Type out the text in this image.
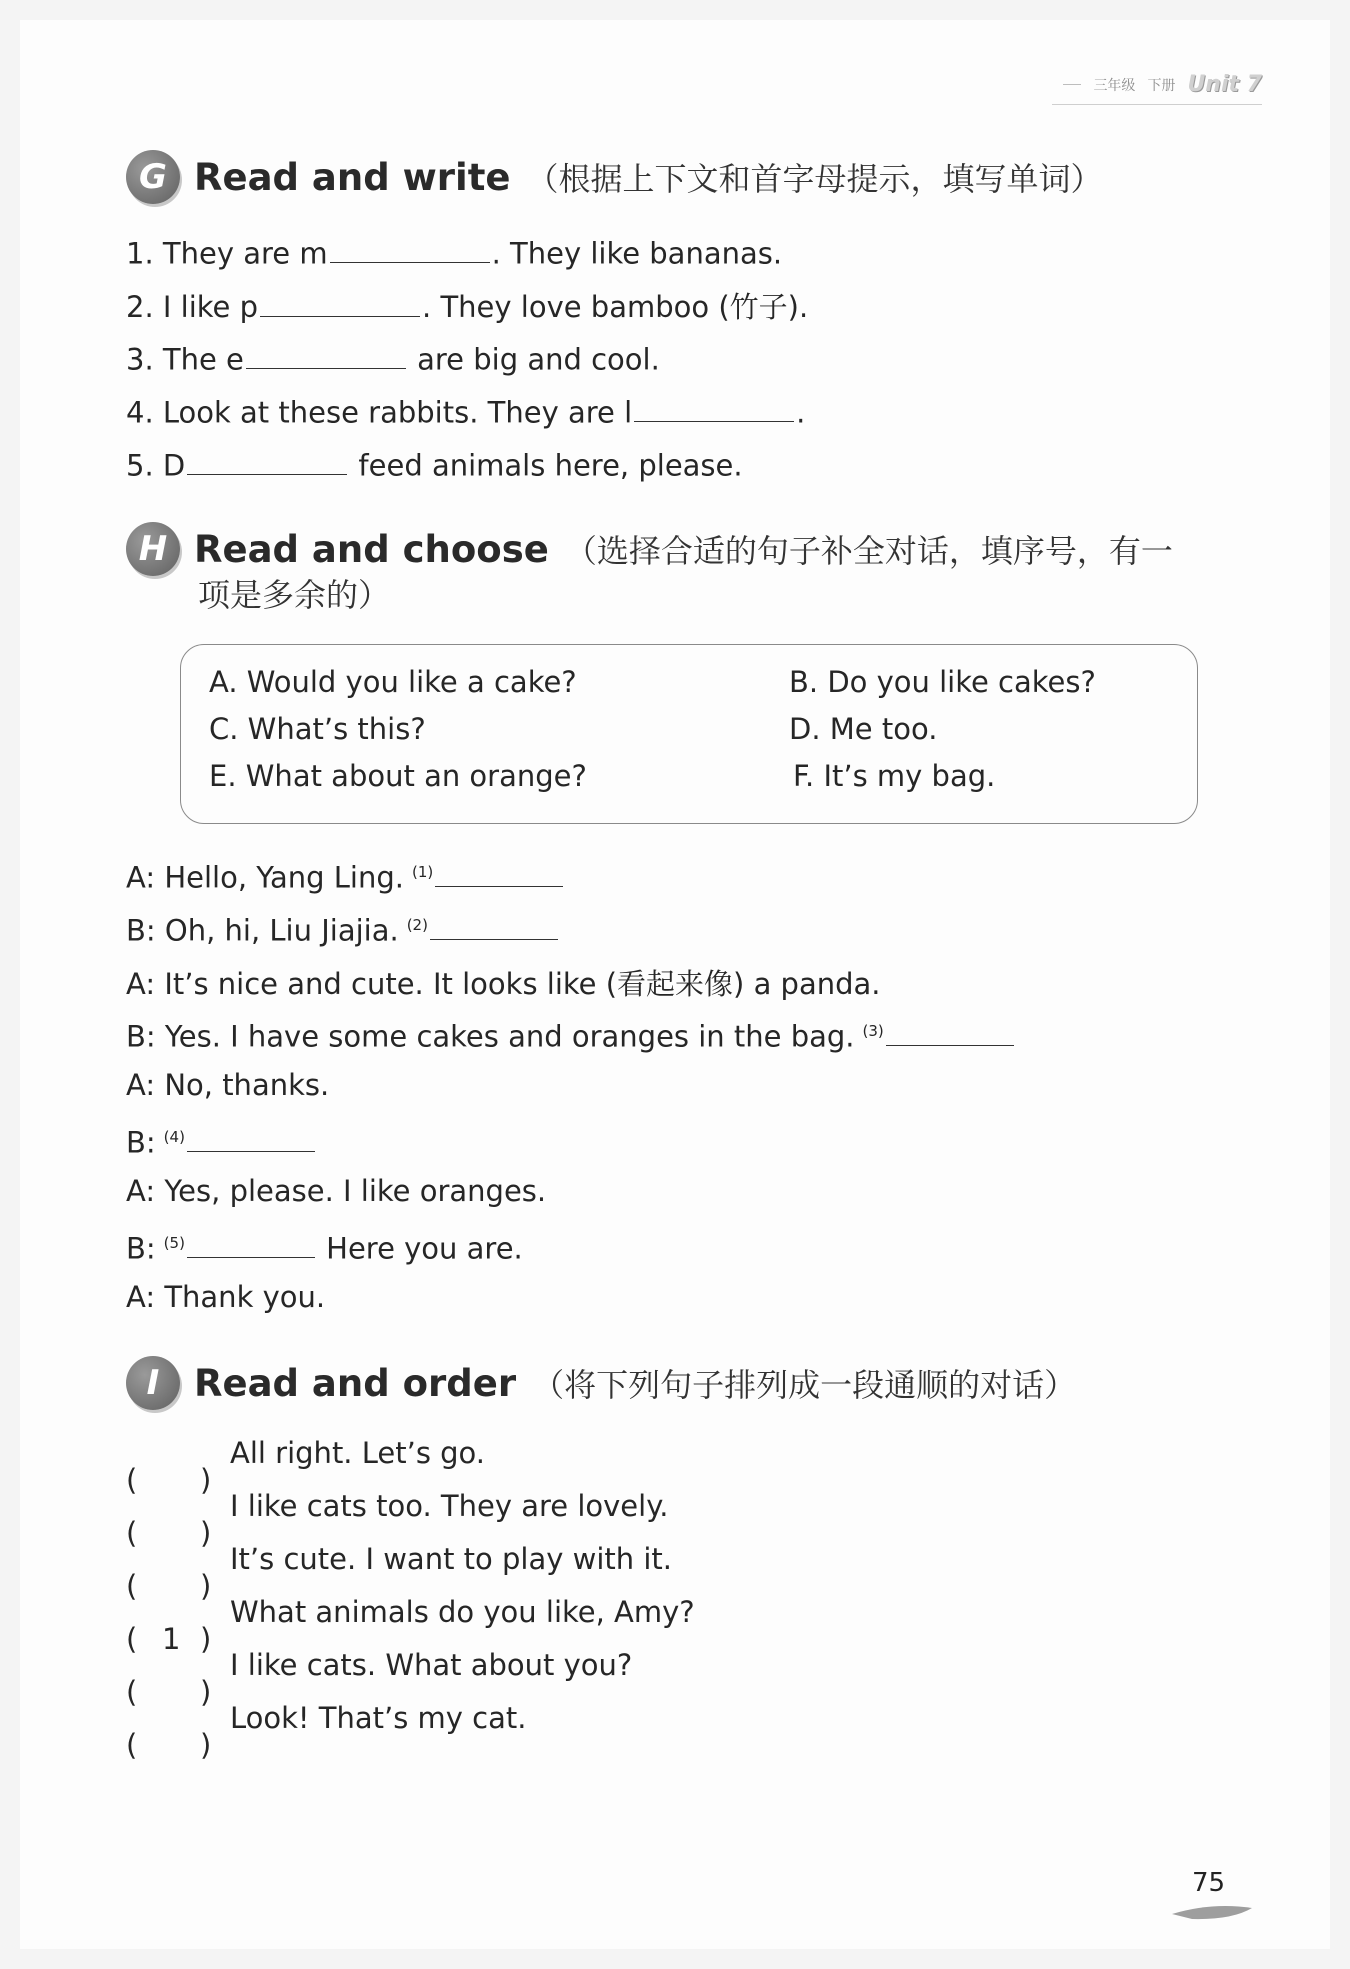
三年级 下册 Unit 7
G Read and write （根据上下文和首字母提示，填写单词）
1. They are m	. They like bananas.
2. I like p	. They love bamboo (竹子).
3. The e	are big and cool.
4. Look at these rabbits. They are l	.
5. D	feed animals here, please.
H Read and choose （选择合适的句子补全对话，填序号，有一
项是多余的）
A. Would you like a cake?	B. Do you like cakes?
C. What’s this?	D. Me too.
E. What about an orange?	F. It’s my bag.
A: Hello, Yang Ling. $^{(1)}$
B: Oh, hi, Liu Jiajia. $^{(2)}$
A: It’s nice and cute. It looks like (看起来像) a panda.
B: Yes. I have some cakes and oranges in the bag. $^{(3)}$
A: No, thanks.
B: $^{(4)}$
A: Yes, please. I like oranges.
B: $^{(5)}$	Here you are.
A: Thank you.
I Read and order （将下列句子排列成一段通顺的对话）
( )
All right. Let’s go.
( )
I like cats too. They are lovely.
( )
It’s cute. I want to play with it.
( 1 )
What animals do you like, Amy?
( )
I like cats. What about you?
( )
Look! That’s my cat.
75
